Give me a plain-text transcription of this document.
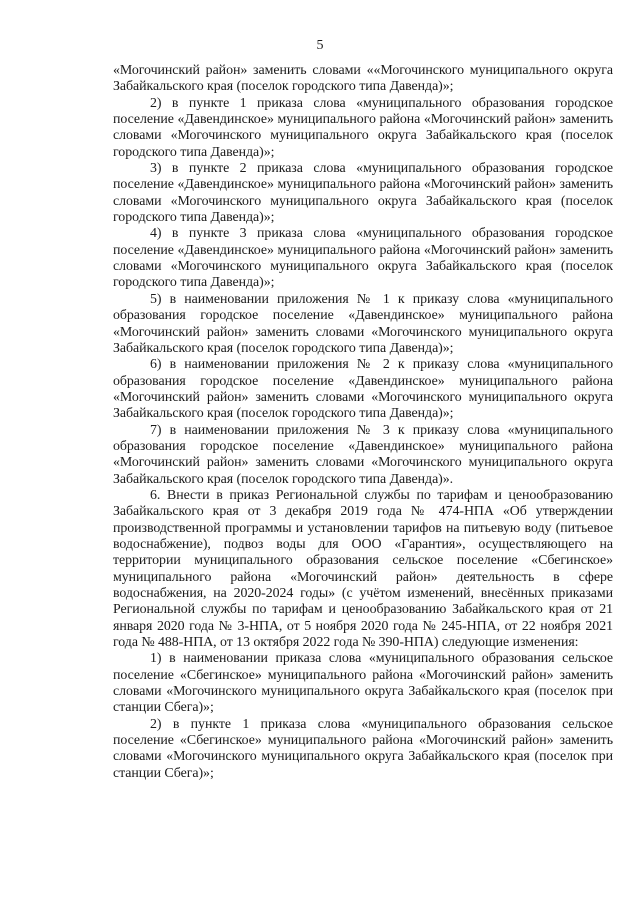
5

«Могочинский район» заменить словами ««Могочинского муниципального округа Забайкальского края (поселок городского типа Давенда)»;

2) в пункте 1 приказа слова «муниципального образования городское поселение «Давендинское» муниципального района «Могочинский район» заменить словами «Могочинского муниципального округа Забайкальского края (поселок городского типа Давенда)»;

3) в пункте 2 приказа слова «муниципального образования городское поселение «Давендинское» муниципального района «Могочинский район» заменить словами «Могочинского муниципального округа Забайкальского края (поселок городского типа Давенда)»;

4) в пункте 3 приказа слова «муниципального образования городское поселение «Давендинское» муниципального района «Могочинский район» заменить словами «Могочинского муниципального округа Забайкальского края (поселок городского типа Давенда)»;

5) в наименовании приложения № 1 к приказу слова «муниципального образования городское поселение «Давендинское» муниципального района «Могочинский район» заменить словами «Могочинского муниципального округа Забайкальского края (поселок городского типа Давенда)»;

6) в наименовании приложения № 2 к приказу слова «муниципального образования городское поселение «Давендинское» муниципального района «Могочинский район» заменить словами «Могочинского муниципального округа Забайкальского края (поселок городского типа Давенда)»;

7) в наименовании приложения № 3 к приказу слова «муниципального образования городское поселение «Давендинское» муниципального района «Могочинский район» заменить словами «Могочинского муниципального округа Забайкальского края (поселок городского типа Давенда)».

6. Внести в приказ Региональной службы по тарифам и ценообразованию Забайкальского края от 3 декабря 2019 года № 474-НПА «Об утверждении производственной программы и установлении тарифов на питьевую воду (питьевое водоснабжение), подвоз воды для ООО «Гарантия», осуществляющего на территории муниципального образования сельское поселение «Сбегинское» муниципального района «Могочинский район» деятельность в сфере водоснабжения, на 2020-2024 годы» (с учётом изменений, внесённых приказами Региональной службы по тарифам и ценообразованию Забайкальского края от 21 января 2020 года № 3-НПА, от 5 ноября 2020 года № 245-НПА, от 22 ноября 2021 года № 488-НПА, от 13 октября 2022 года № 390-НПА) следующие изменения:

1) в наименовании приказа слова «муниципального образования сельское поселение «Сбегинское» муниципального района «Могочинский район» заменить словами «Могочинского муниципального округа Забайкальского края (поселок при станции Сбега)»;

2) в пункте 1 приказа слова «муниципального образования сельское поселение «Сбегинское» муниципального района «Могочинский район» заменить словами «Могочинского муниципального округа Забайкальского края (поселок при станции Сбега)»;
